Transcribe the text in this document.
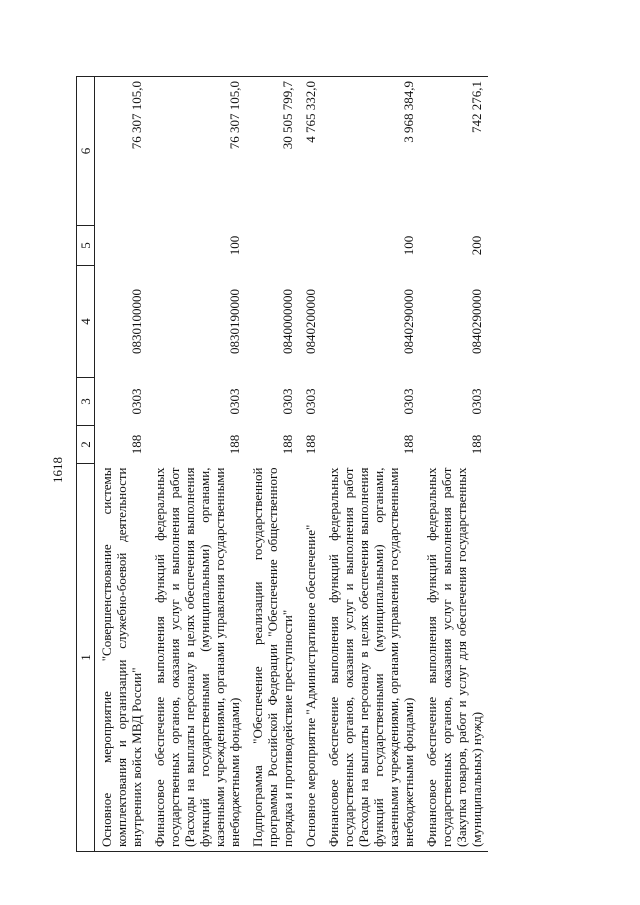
1618
1	2	3	4	5	6
Основное мероприятие "Совершенствование системы комплектования и организации служебно-боевой деятельности внутренних войск МВД России"	188	0303	0830100000		76 307 105,0
Финансовое обеспечение выполнения функций федеральных государственных органов, оказания услуг и выполнения работ (Расходы на выплаты персоналу в целях обеспечения выполнения функций государственными (муниципальными) органами, казенными учреждениями, органами управления государственными внебюджетными фондами)	188	0303	0830190000	100	76 307 105,0
Подпрограмма "Обеспечение реализации государственной программы Российской Федерации "Обеспечение общественного порядка и противодействие преступности"	188	0303	0840000000		30 505 799,7
Основное мероприятие "Административное обеспечение"	188	0303	0840200000		4 765 332,0
Финансовое обеспечение выполнения функций федеральных государственных органов, оказания услуг и выполнения работ (Расходы на выплаты персоналу в целях обеспечения выполнения функций государственными (муниципальными) органами, казенными учреждениями, органами управления государственными внебюджетными фондами)	188	0303	0840290000	100	3 968 384,9
Финансовое обеспечение выполнения функций федеральных государственных органов, оказания услуг и выполнения работ (Закупка товаров, работ и услуг для обеспечения государственных (муниципальных) нужд)	188	0303	0840290000	200	742 276,1
